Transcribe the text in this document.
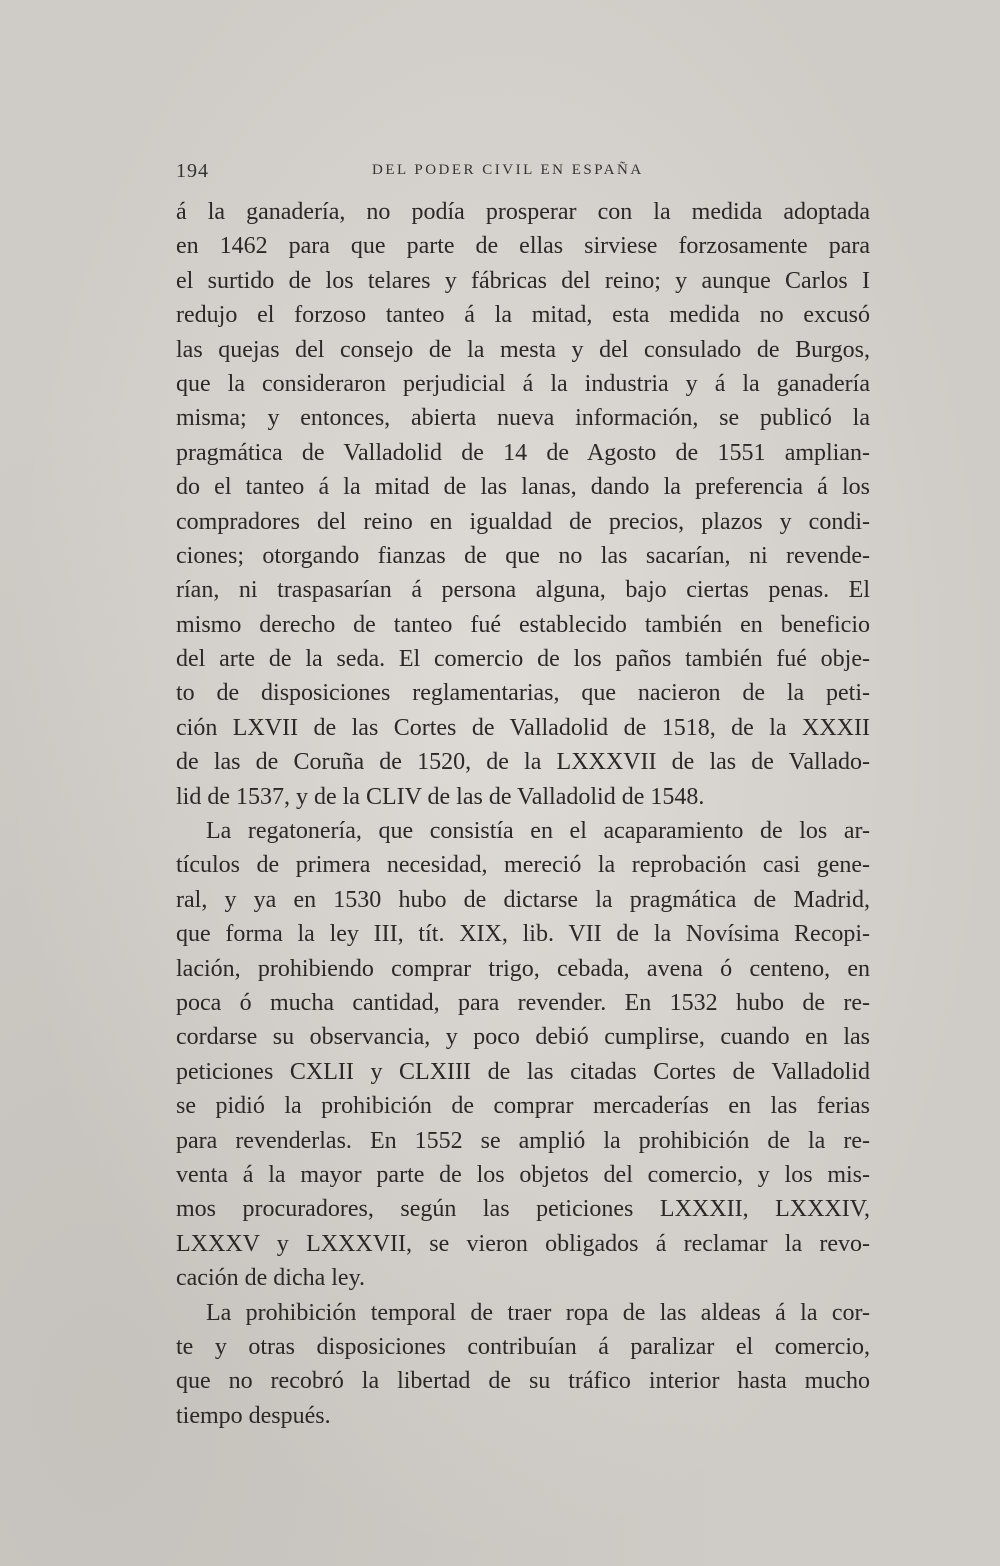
194	DEL PODER CIVIL EN ESPAÑA
á la ganadería, no podía prosperar con la medida adoptada
en 1462 para que parte de ellas sirviese forzosamente para
el surtido de los telares y fábricas del reino; y aunque Carlos I
redujo el forzoso tanteo á la mitad, esta medida no excusó
las quejas del consejo de la mesta y del consulado de Burgos,
que la consideraron perjudicial á la industria y á la ganadería
misma; y entonces, abierta nueva información, se publicó la
pragmática de Valladolid de 14 de Agosto de 1551 amplian-
do el tanteo á la mitad de las lanas, dando la preferencia á los
compradores del reino en igualdad de precios, plazos y condi-
ciones; otorgando fianzas de que no las sacarían, ni revende-
rían, ni traspasarían á persona alguna, bajo ciertas penas. El
mismo derecho de tanteo fué establecido también en beneficio
del arte de la seda. El comercio de los paños también fué obje-
to de disposiciones reglamentarias, que nacieron de la peti-
ción LXVII de las Cortes de Valladolid de 1518, de la XXXII
de las de Coruña de 1520, de la LXXXVII de las de Vallado-
lid de 1537, y de la CLIV de las de Valladolid de 1548.
La regatonería, que consistía en el acaparamiento de los ar-
tículos de primera necesidad, mereció la reprobación casi gene-
ral, y ya en 1530 hubo de dictarse la pragmática de Madrid,
que forma la ley III, tít. XIX, lib. VII de la Novísima Recopi-
lación, prohibiendo comprar trigo, cebada, avena ó centeno, en
poca ó mucha cantidad, para revender. En 1532 hubo de re-
cordarse su observancia, y poco debió cumplirse, cuando en las
peticiones CXLII y CLXIII de las citadas Cortes de Valladolid
se pidió la prohibición de comprar mercaderías en las ferias
para revenderlas. En 1552 se amplió la prohibición de la re-
venta á la mayor parte de los objetos del comercio, y los mis-
mos procuradores, según las peticiones LXXXII, LXXXIV,
LXXXV y LXXXVII, se vieron obligados á reclamar la revo-
cación de dicha ley.
La prohibición temporal de traer ropa de las aldeas á la cor-
te y otras disposiciones contribuían á paralizar el comercio,
que no recobró la libertad de su tráfico interior hasta mucho
tiempo después.
